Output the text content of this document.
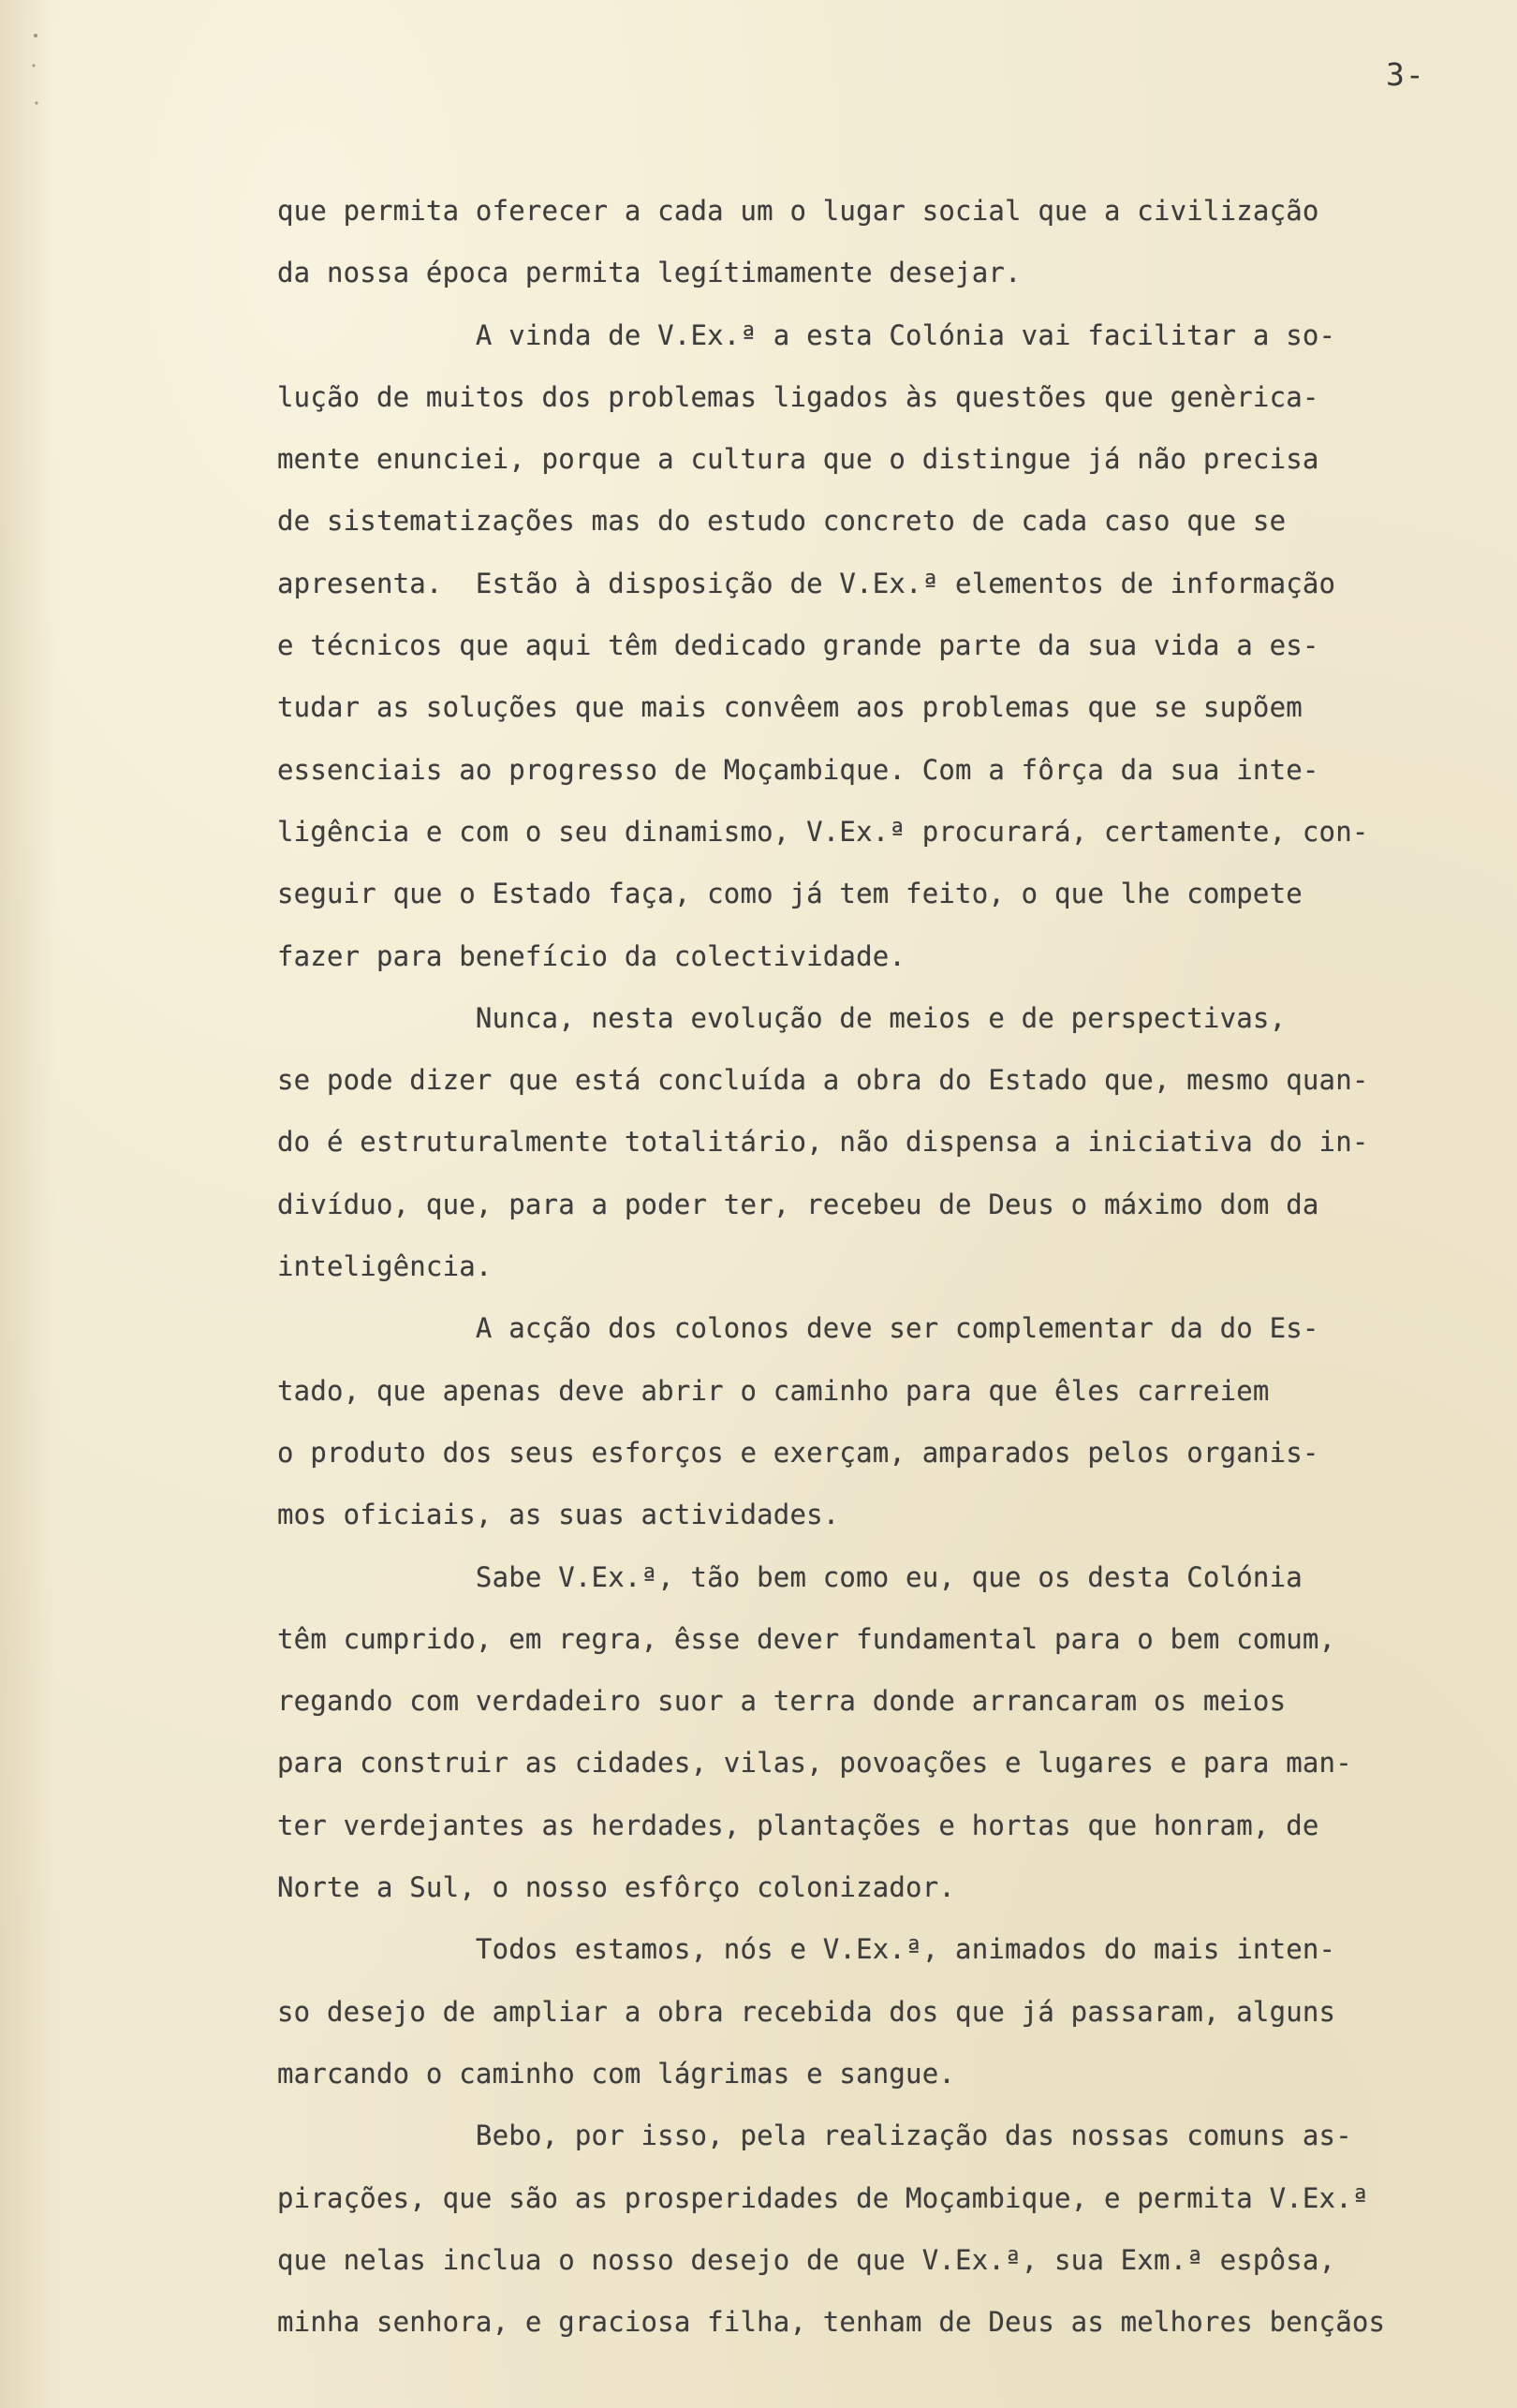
3-
que permita oferecer a cada um o lugar social que a civilização
da nossa época permita legítimamente desejar.
A vinda de V.Ex.ª a esta Colónia vai facilitar a so-
lução de muitos dos problemas ligados às questões que genèrica-
mente enunciei, porque a cultura que o distingue já não precisa
de sistematizações mas do estudo concreto de cada caso que se
apresenta.  Estão à disposição de V.Ex.ª elementos de informação
e técnicos que aqui têm dedicado grande parte da sua vida a es-
tudar as soluções que mais convêem aos problemas que se supõem
essenciais ao progresso de Moçambique. Com a fôrça da sua inte-
ligência e com o seu dinamismo, V.Ex.ª procurará, certamente, con-
seguir que o Estado faça, como já tem feito, o que lhe compete
fazer para benefício da colectividade.
Nunca, nesta evolução de meios e de perspectivas,
se pode dizer que está concluída a obra do Estado que, mesmo quan-
do é estruturalmente totalitário, não dispensa a iniciativa do in-
divíduo, que, para a poder ter, recebeu de Deus o máximo dom da
inteligência.
A acção dos colonos deve ser complementar da do Es-
tado, que apenas deve abrir o caminho para que êles carreiem
o produto dos seus esforços e exerçam, amparados pelos organis-
mos oficiais, as suas actividades.
Sabe V.Ex.ª, tão bem como eu, que os desta Colónia
têm cumprido, em regra, êsse dever fundamental para o bem comum,
regando com verdadeiro suor a terra donde arrancaram os meios
para construir as cidades, vilas, povoações e lugares e para man-
ter verdejantes as herdades, plantações e hortas que honram, de
Norte a Sul, o nosso esfôrço colonizador.
Todos estamos, nós e V.Ex.ª, animados do mais inten-
so desejo de ampliar a obra recebida dos que já passaram, alguns
marcando o caminho com lágrimas e sangue.
Bebo, por isso, pela realização das nossas comuns as-
pirações, que são as prosperidades de Moçambique, e permita V.Ex.ª
que nelas inclua o nosso desejo de que V.Ex.ª, sua Exm.ª espôsa,
minha senhora, e graciosa filha, tenham de Deus as melhores bençãos
